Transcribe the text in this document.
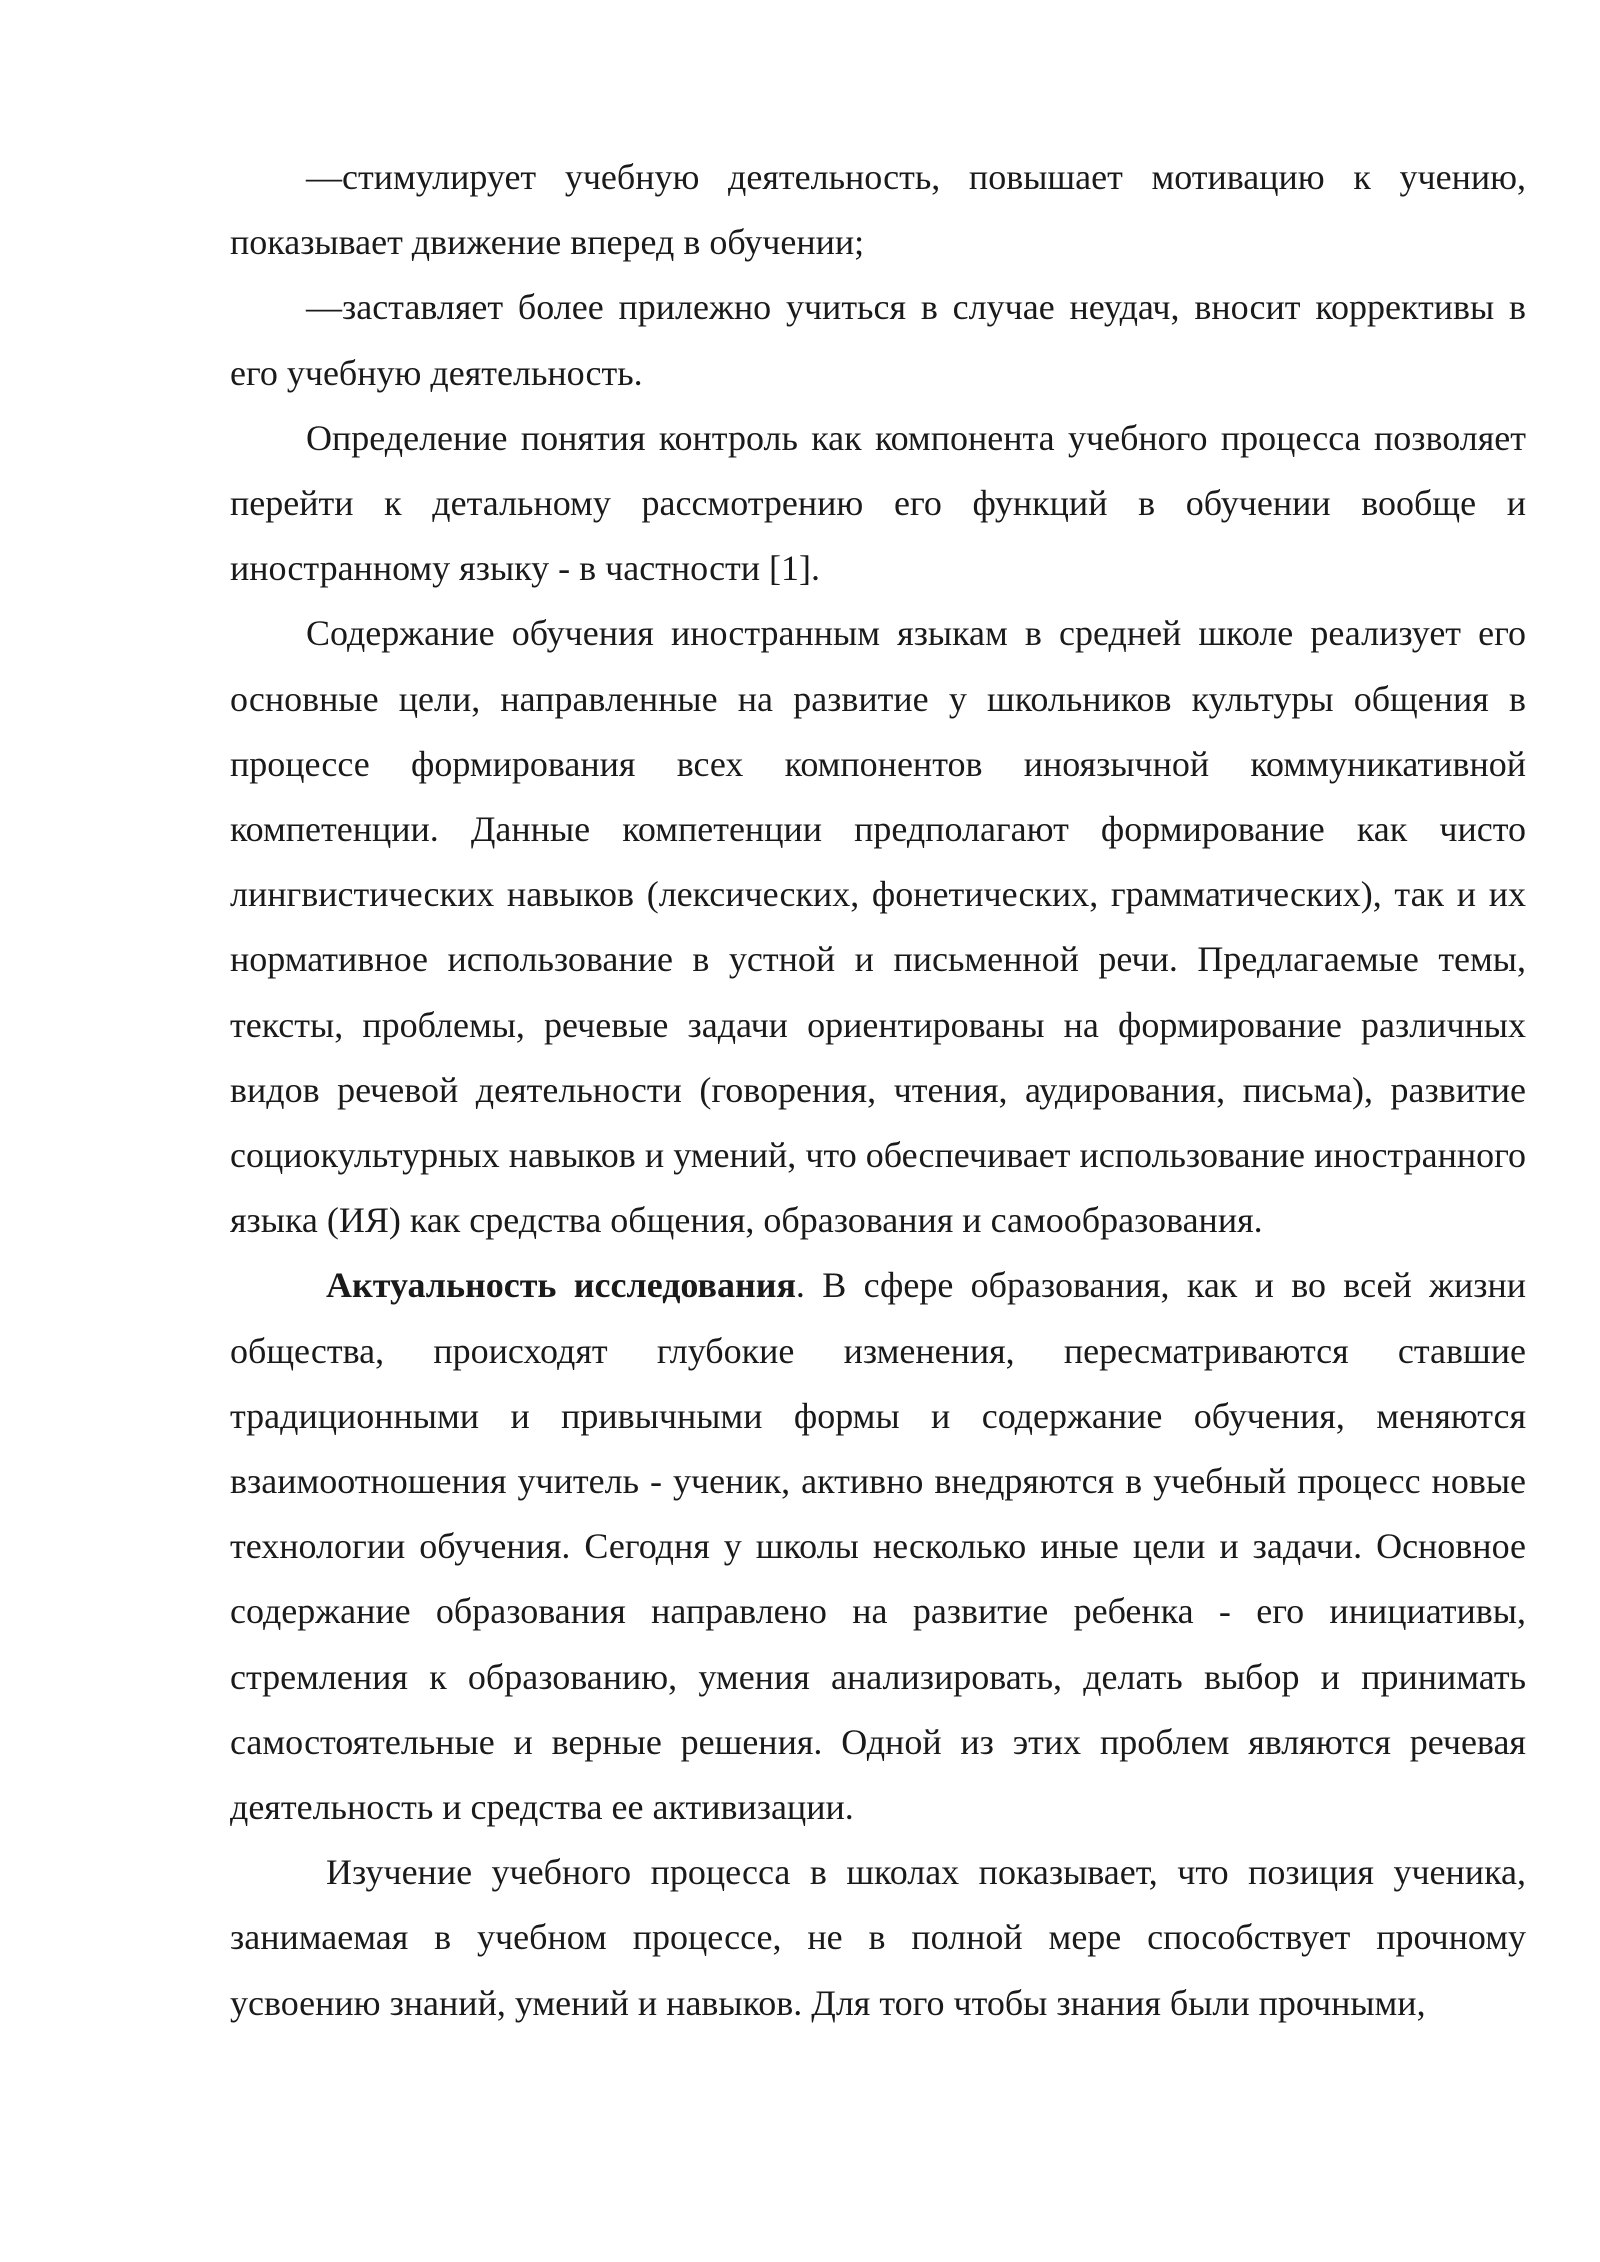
—стимулирует учебную деятельность, повышает мотивацию к учению, показывает движение вперед в обучении;

—заставляет более прилежно учиться в случае неудач, вносит коррективы в его учебную деятельность.

Определение понятия контроль как компонента учебного процесса позволяет перейти к детальному рассмотрению его функций в обучении вообще и иностранному языку - в частности [1].

Содержание обучения иностранным языкам в средней школе реализует его основные цели, направленные на развитие у школьников культуры общения в процессе формирования всех компонентов иноязычной коммуникативной компетенции. Данные компетенции предполагают формирование как чисто лингвистических навыков (лексических, фонетических, грамматических), так и их нормативное использование в устной и письменной речи. Предлагаемые темы, тексты, проблемы, речевые задачи ориентированы на формирование различных видов речевой деятельности (говорения, чтения, аудирования, письма), развитие социокультурных навыков и умений, что обеспечивает использование иностранного языка (ИЯ) как средства общения, образования и самообразования.

Актуальность исследования. В сфере образования, как и во всей жизни общества, происходят глубокие изменения, пересматриваются ставшие традиционными и привычными формы и содержание обучения, меняются взаимоотношения учитель - ученик, активно внедряются в учебный процесс новые технологии обучения. Сегодня у школы несколько иные цели и задачи. Основное содержание образования направлено на развитие ребенка - его инициативы, стремления к образованию, умения анализировать, делать выбор и принимать самостоятельные и верные решения. Одной из этих проблем являются речевая деятельность и средства ее активизации.

Изучение учебного процесса в школах показывает, что позиция ученика, занимаемая в учебном процессе, не в полной мере способствует прочному усвоению знаний, умений и навыков. Для того чтобы знания были прочными,
